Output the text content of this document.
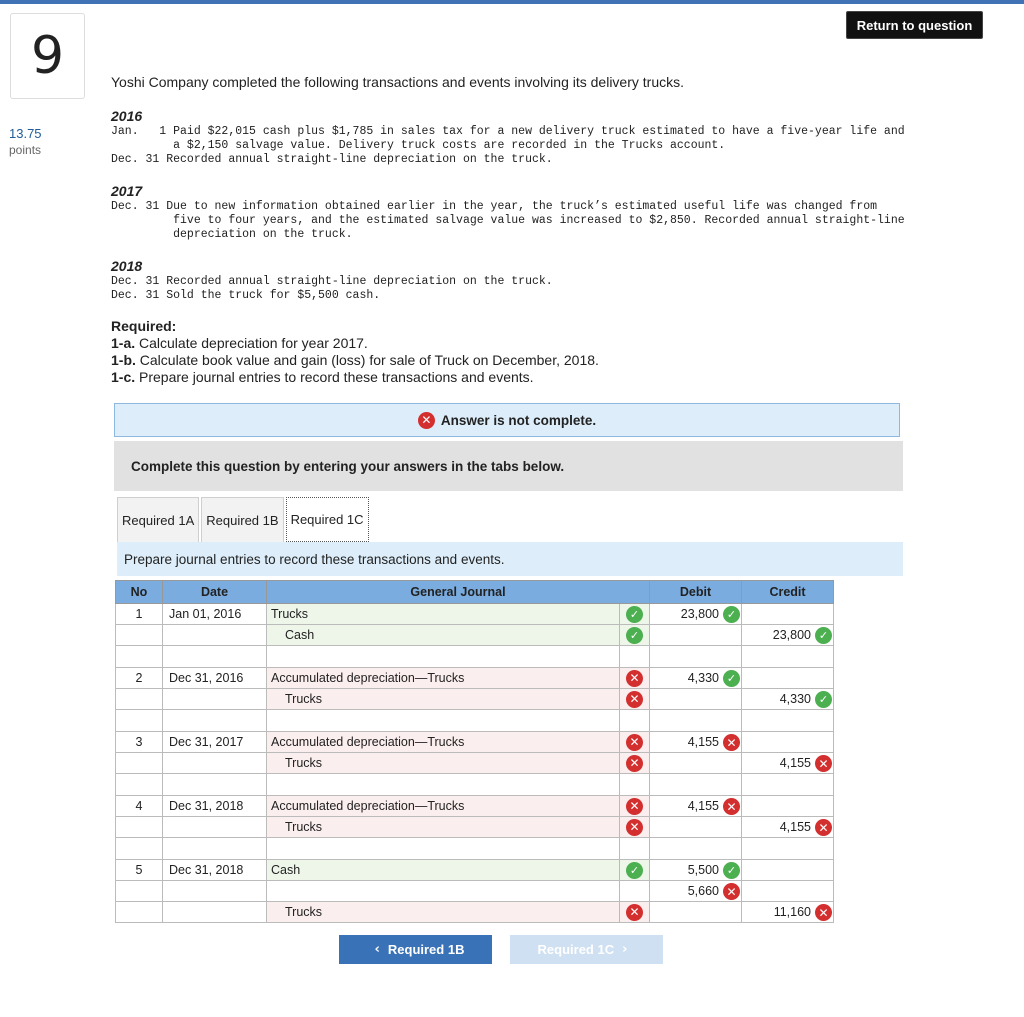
Return to question
9
13.75
points
Yoshi Company completed the following transactions and events involving its delivery trucks.
2016
Jan.   1 Paid $22,015 cash plus $1,785 in sales tax for a new delivery truck estimated to have a five-year life and
a $2,150 salvage value. Delivery truck costs are recorded in the Trucks account.
Dec. 31 Recorded annual straight-line depreciation on the truck.
2017
Dec. 31 Due to new information obtained earlier in the year, the truck’s estimated useful life was changed from
five to four years, and the estimated salvage value was increased to $2,850. Recorded annual straight-line
depreciation on the truck.
2018
Dec. 31 Recorded annual straight-line depreciation on the truck.
Dec. 31 Sold the truck for $5,500 cash.
Required:
1-a. Calculate depreciation for year 2017.
1-b. Calculate book value and gain (loss) for sale of Truck on December, 2018.
1-c. Prepare journal entries to record these transactions and events.
✕ Answer is not complete.
Complete this question by entering your answers in the tabs below.
Required 1A Required 1B Required 1C
Prepare journal entries to record these transactions and events.
No	Date	General Journal		Debit	Credit
1	Jan 01, 2016	Trucks	✓	23,800 ✓	

		Cash	✓		23,800 ✓

2	Dec 31, 2016	Accumulated depreciation—Trucks	✕	4,330 ✓	

		Trucks	✕		4,330 ✓

3	Dec 31, 2017	Accumulated depreciation—Trucks	✕	4,155 ✕	

		Trucks	✕		4,155 ✕

4	Dec 31, 2018	Accumulated depreciation—Trucks	✕	4,155 ✕	

		Trucks	✕		4,155 ✕

5	Dec 31, 2018	Cash	✓	5,500 ✓	

				5,660 ✕	

		Trucks	✕		11,160 ✕
‹ Required 1B	Required 1C ›
